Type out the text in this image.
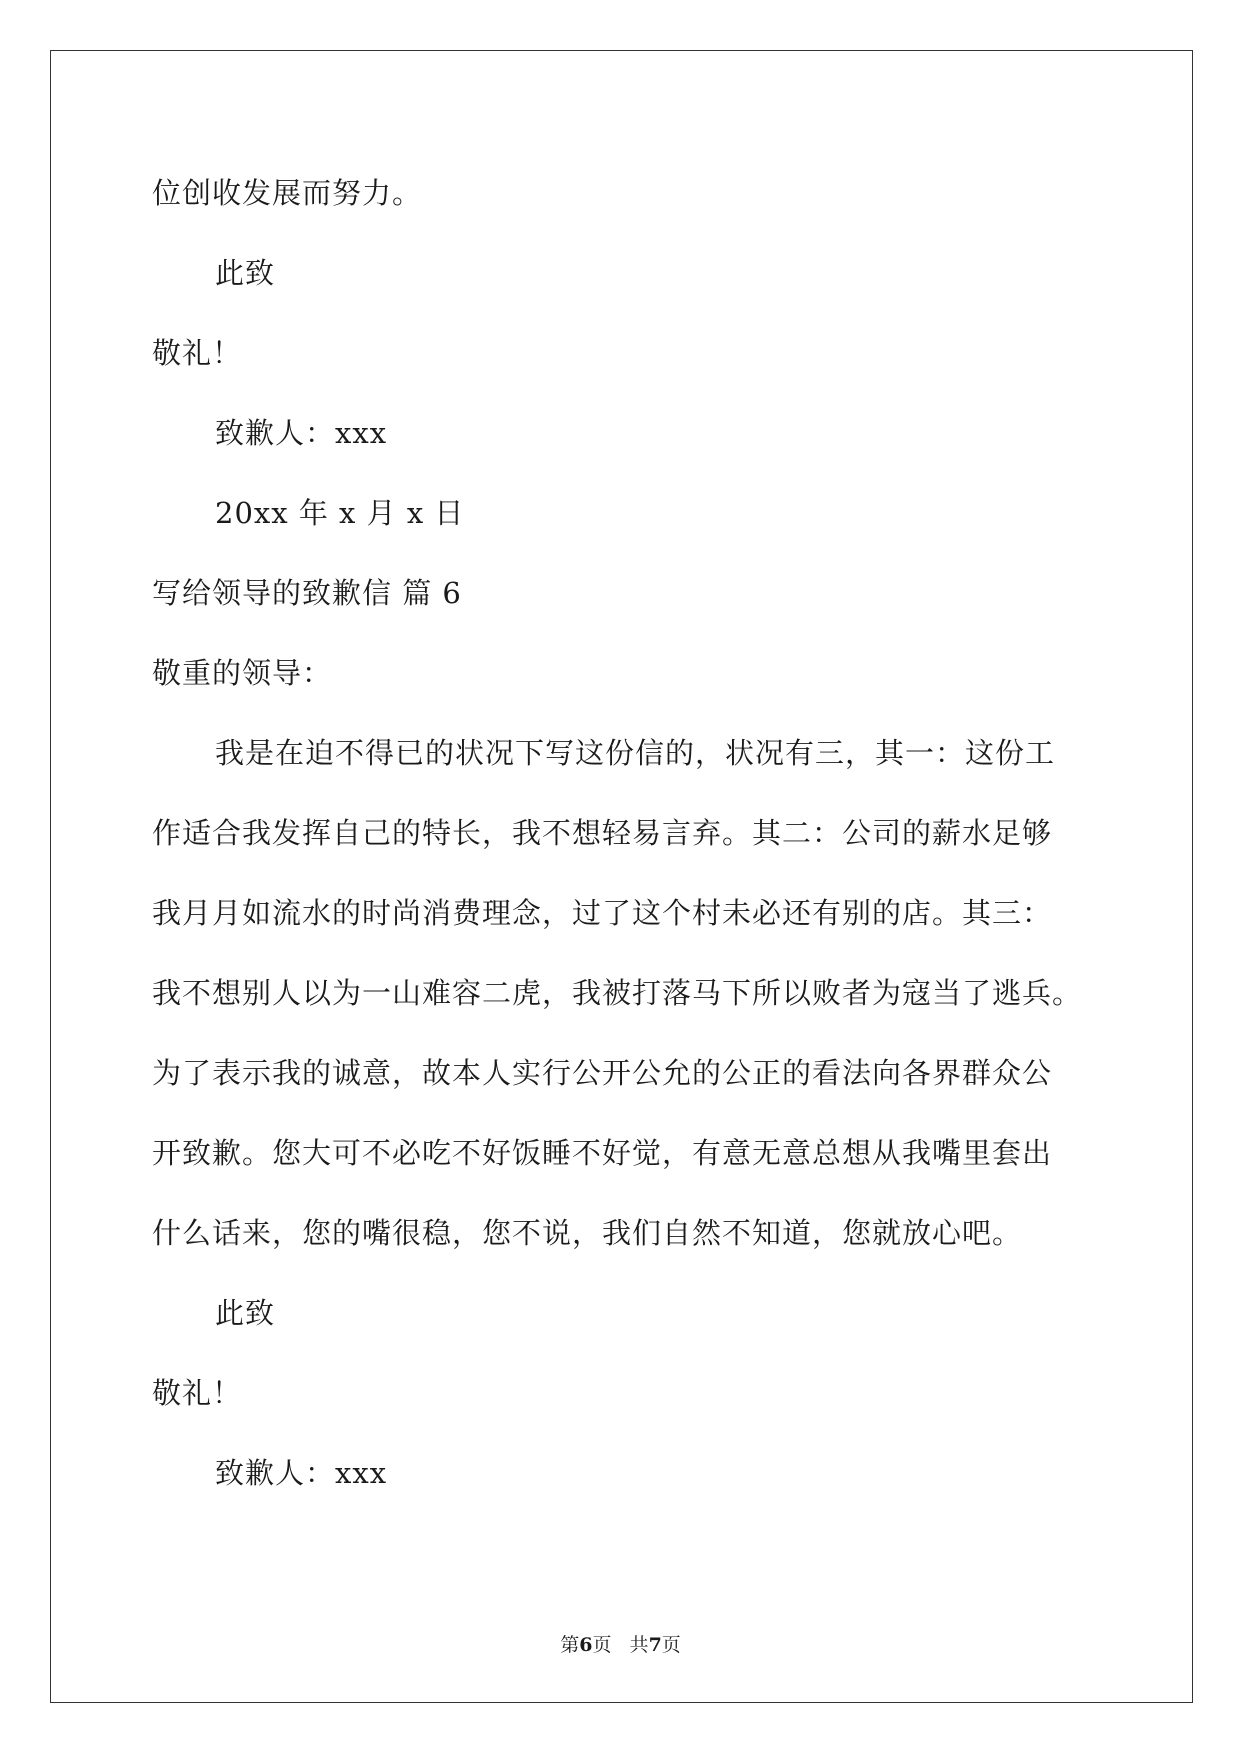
位创收发展而努力。
此致
敬礼！
致歉人：xxx
20xx 年 x 月 x 日
写给领导的致歉信 篇 6
敬重的领导：
我是在迫不得已的状况下写这份信的，状况有三，其一：这份工
作适合我发挥自己的特长，我不想轻易言弃。其二：公司的薪水足够
我月月如流水的时尚消费理念，过了这个村未必还有别的店。其三：
我不想别人以为一山难容二虎，我被打落马下所以败者为寇当了逃兵。
为了表示我的诚意，故本人实行公开公允的公正的看法向各界群众公
开致歉。您大可不必吃不好饭睡不好觉，有意无意总想从我嘴里套出
什么话来，您的嘴很稳，您不说，我们自然不知道，您就放心吧。
此致
敬礼！
致歉人：xxx
第6页   共7页
